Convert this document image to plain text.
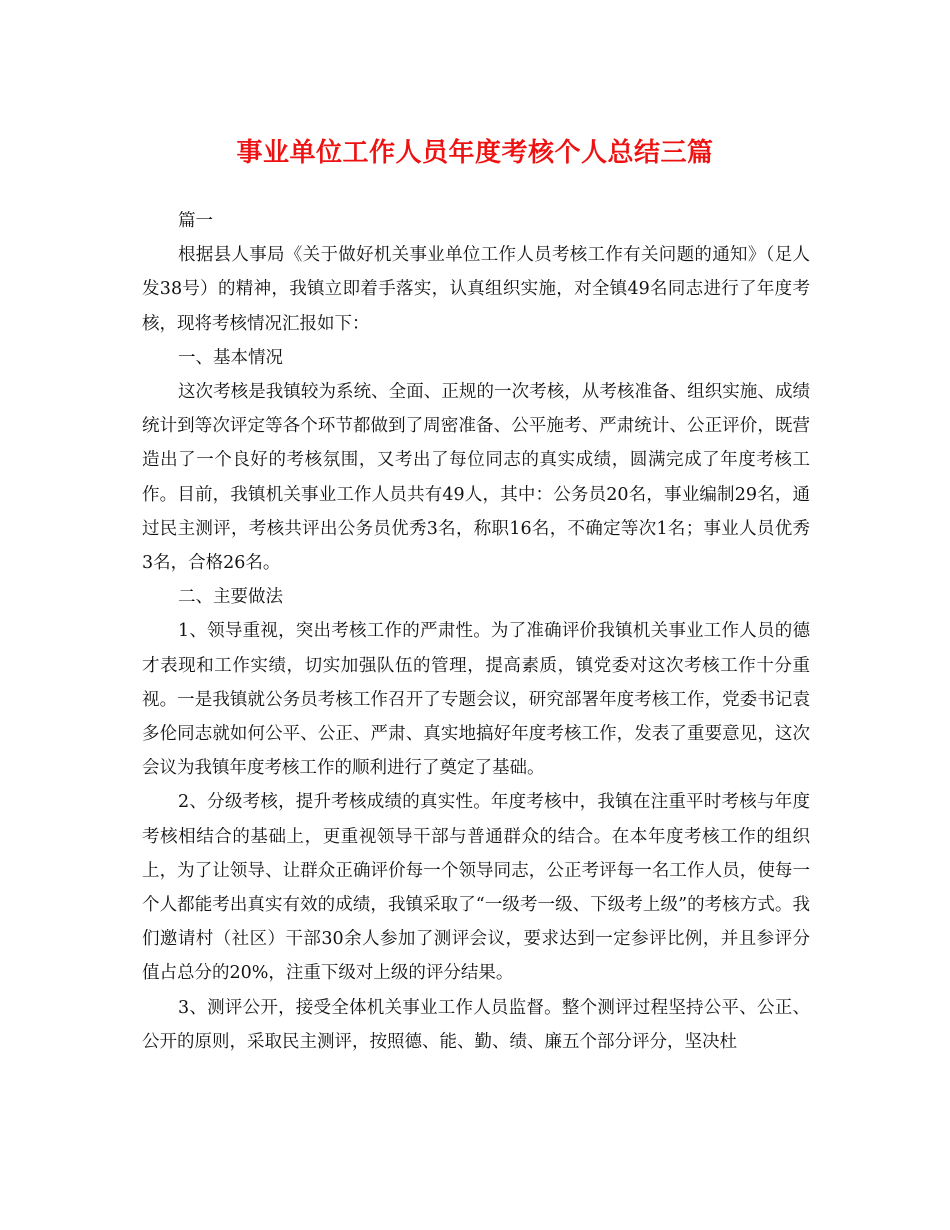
事业单位工作人员年度考核个人总结三篇

篇一

根据县人事局《关于做好机关事业单位工作人员考核工作有关问题的通知》（足人发38号）的精神，我镇立即着手落实，认真组织实施，对全镇49名同志进行了年度考核，现将考核情况汇报如下：

一、基本情况

这次考核是我镇较为系统、全面、正规的一次考核，从考核准备、组织实施、成绩统计到等次评定等各个环节都做到了周密准备、公平施考、严肃统计、公正评价，既营造出了一个良好的考核氛围，又考出了每位同志的真实成绩，圆满完成了年度考核工作。目前，我镇机关事业工作人员共有49人，其中：公务员20名，事业编制29名，通过民主测评，考核共评出公务员优秀3名，称职16名，不确定等次1名；事业人员优秀3名，合格26名。

二、主要做法

1、领导重视，突出考核工作的严肃性。为了准确评价我镇机关事业工作人员的德才表现和工作实绩，切实加强队伍的管理，提高素质，镇党委对这次考核工作十分重视。一是我镇就公务员考核工作召开了专题会议，研究部署年度考核工作，党委书记袁多伦同志就如何公平、公正、严肃、真实地搞好年度考核工作，发表了重要意见，这次会议为我镇年度考核工作的顺利进行了奠定了基础。

2、分级考核，提升考核成绩的真实性。年度考核中，我镇在注重平时考核与年度考核相结合的基础上，更重视领导干部与普通群众的结合。在本年度考核工作的组织上，为了让领导、让群众正确评价每一个领导同志，公正考评每一名工作人员，使每一个人都能考出真实有效的成绩，我镇采取了“一级考一级、下级考上级”的考核方式。我们邀请村（社区）干部30余人参加了测评会议，要求达到一定参评比例，并且参评分值占总分的20%，注重下级对上级的评分结果。

3、测评公开，接受全体机关事业工作人员监督。整个测评过程坚持公平、公正、公开的原则，采取民主测评，按照德、能、勤、绩、廉五个部分评分，坚决杜
